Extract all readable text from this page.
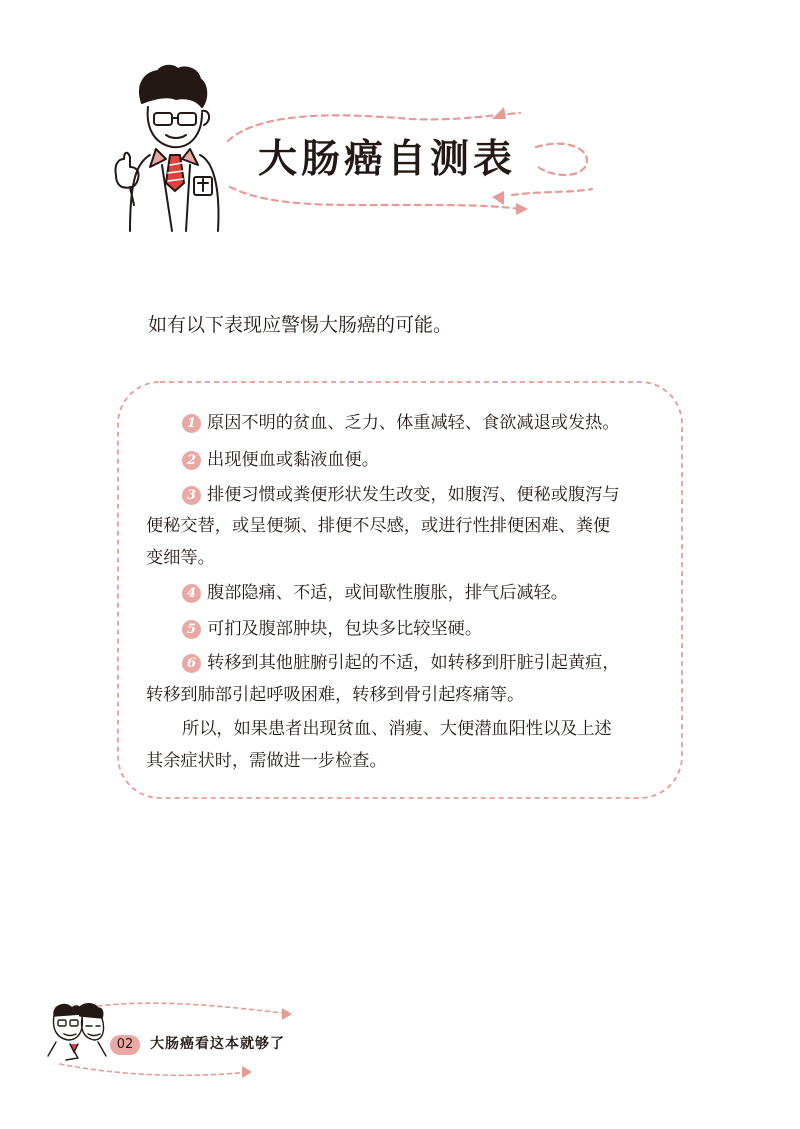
大肠癌自测表
如有以下表现应警惕大肠癌的可能。
1 原因不明的贫血、乏力、体重减轻、食欲减退或发热。
2 出现便血或黏液血便。
3 排便习惯或粪便形状发生改变，如腹泻、便秘或腹泻与
便秘交替，或呈便频、排便不尽感，或进行性排便困难、粪便
变细等。
4 腹部隐痛、不适，或间歇性腹胀，排气后减轻。
5 可扪及腹部肿块，包块多比较坚硬。
6 转移到其他脏腑引起的不适，如转移到肝脏引起黄疸，
转移到肺部引起呼吸困难，转移到骨引起疼痛等。
所以，如果患者出现贫血、消瘦、大便潜血阳性以及上述
其余症状时，需做进一步检查。
02	大肠癌看这本就够了
